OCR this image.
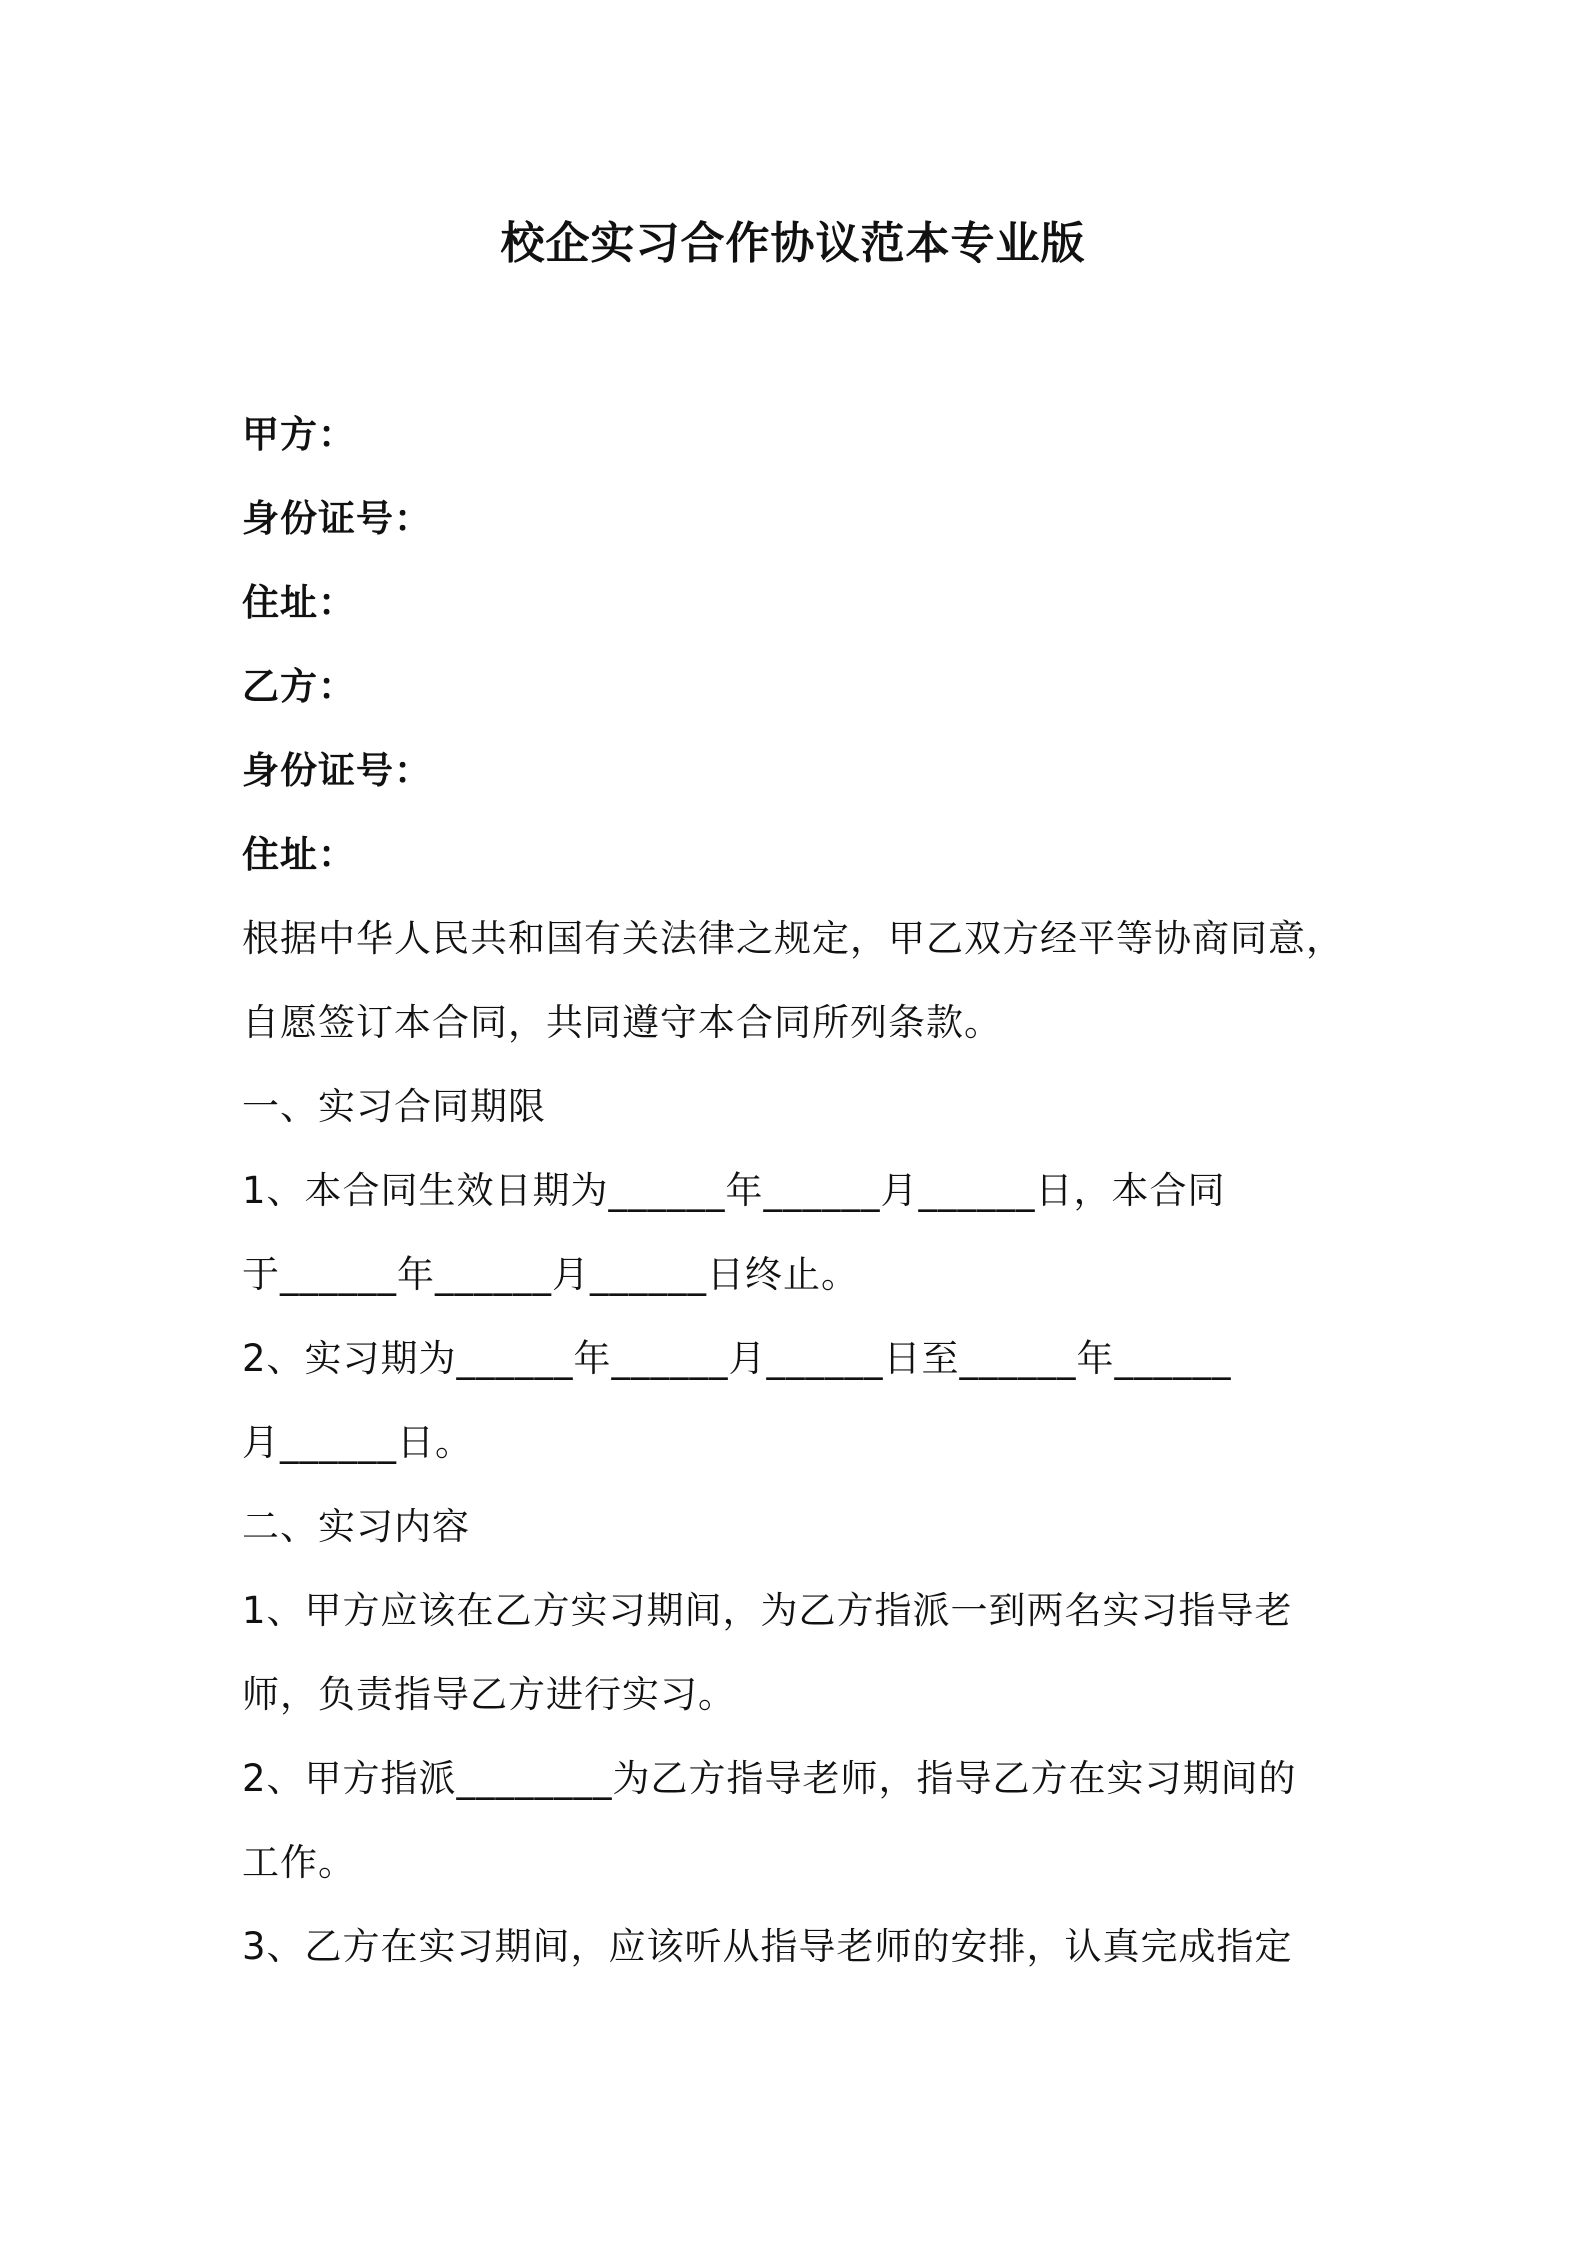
校企实习合作协议范本专业版
甲方：
身份证号：
住址：
乙方：
身份证号：
住址：
根据中华人民共和国有关法律之规定，甲乙双方经平等协商同意，
自愿签订本合同，共同遵守本合同所列条款。
一、实习合同期限
1、本合同生效日期为______年______月______日，本合同
于______年______月______日终止。
2、实习期为______年______月______日至______年______
月______日。
二、实习内容
1、甲方应该在乙方实习期间，为乙方指派一到两名实习指导老
师，负责指导乙方进行实习。
2、甲方指派________为乙方指导老师，指导乙方在实习期间的
工作。
3、乙方在实习期间，应该听从指导老师的安排，认真完成指定
